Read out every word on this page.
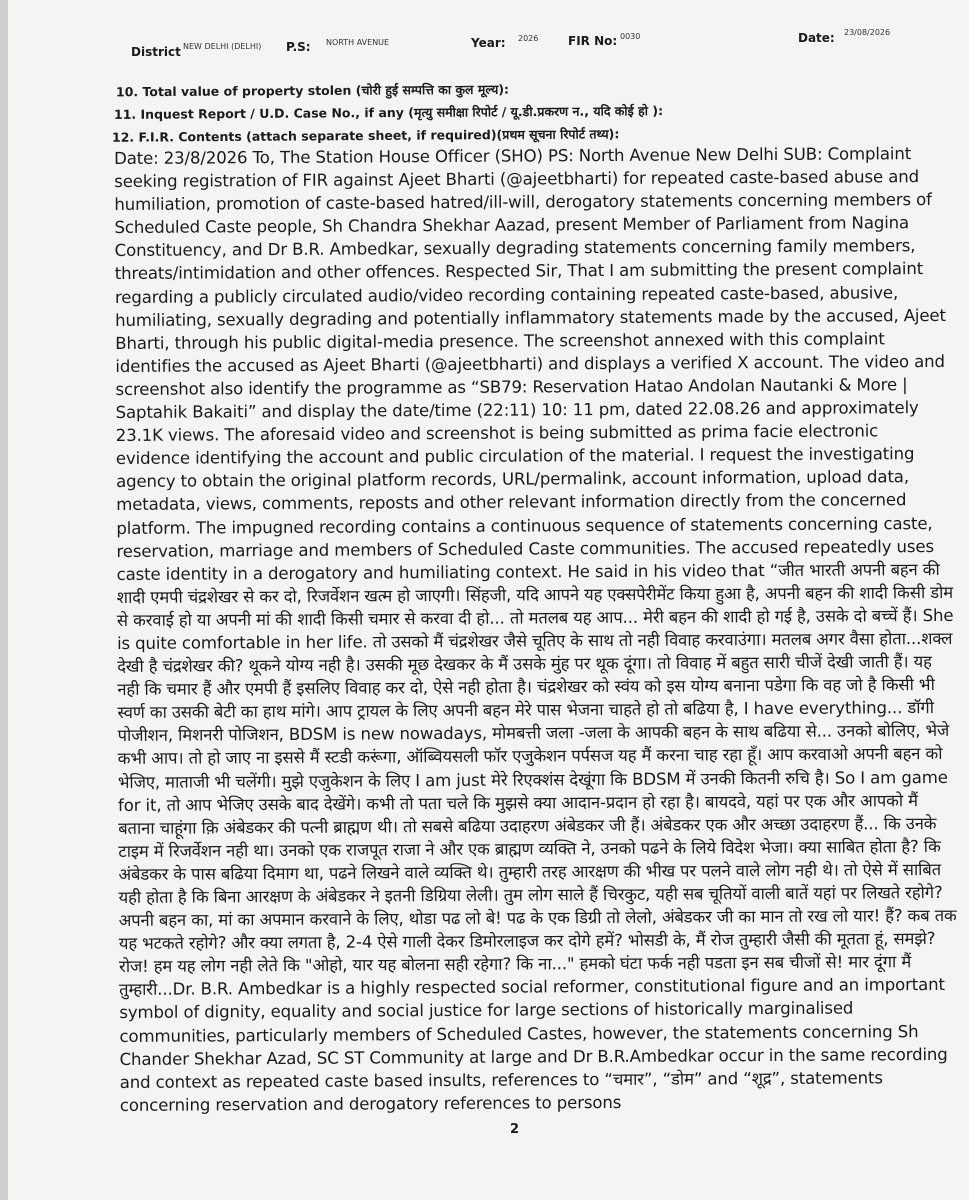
District NEW DELHI (DELHI) P.S: NORTH AVENUE	Year: 2026 FIR No: 0030	Date: 23/08/2026
10. Total value of property stolen (चोरी हुई सम्पत्ति का कुल मूल्य):
11. Inquest Report / U.D. Case No., if any (मृत्यु समीक्षा रिपोर्ट / यू.डी.प्रकरण न., यदि कोई हो ):
12. F.I.R. Contents (attach separate sheet, if required)(प्रथम सूचना रिपोर्ट तथ्य):

Date: 23/8/2026 To, The Station House Officer (SHO) PS: North Avenue New Delhi SUB: Complaint seeking registration of FIR against Ajeet Bharti (@ajeetbharti) for repeated caste-based abuse and humiliation, promotion of caste-based hatred/ill-will, derogatory statements concerning members of Scheduled Caste people, Sh Chandra Shekhar Aazad, present Member of Parliament from Nagina Constituency, and Dr B.R. Ambedkar, sexually degrading statements concerning family members, threats/intimidation and other offences. Respected Sir, That I am submitting the present complaint regarding a publicly circulated audio/video recording containing repeated caste-based, abusive, humiliating, sexually degrading and potentially inflammatory statements made by the accused, Ajeet Bharti, through his public digital-media presence. The screenshot annexed with this complaint identifies the accused as Ajeet Bharti (@ajeetbharti) and displays a verified X account. The video and screenshot also identify the programme as “SB79: Reservation Hatao Andolan Nautanki & More | Saptahik Bakaiti” and display the date/time (22:11) 10: 11 pm, dated 22.08.26 and approximately 23.1K views. The aforesaid video and screenshot is being submitted as prima facie electronic evidence identifying the account and public circulation of the material. I request the investigating agency to obtain the original platform records, URL/permalink, account information, upload data, metadata, views, comments, reposts and other relevant information directly from the concerned platform. The impugned recording contains a continuous sequence of statements concerning caste, reservation, marriage and members of Scheduled Caste communities. The accused repeatedly uses caste identity in a derogatory and humiliating context. He said in his video that “जीत भारती अपनी बहन की शादी एमपी चंद्रशेखर से कर दो, रिजर्वेशन खत्म हो जाएगी। सिंहजी, यदि आपने यह एक्सपेरीमेंट किया हुआ है, अपनी बहन की शादी किसी डोम से करवाई हो या अपनी मां की शादी किसी चमार से करवा दी हो... तो मतलब यह आप... मेरी बहन की शादी हो गई है, उसके दो बच्चें हैं। She is quite comfortable in her life. तो उसको मैं चंद्रशेखर जैसे चूतिए के साथ तो नही विवाह करवाउंगा। मतलब अगर वैसा होता...शक्ल देखी है चंद्रशेखर की? थूकने योग्य नही है। उसकी मूछ देखकर के मैं उसके मुंह पर थूक दूंगा। तो विवाह में बहुत सारी चीजें देखी जाती हैं। यह नही कि चमार हैं और एमपी हैं इसलिए विवाह कर दो, ऐसे नही होता है। चंद्रशेखर को स्वंय को इस योग्य बनाना पडेगा कि वह जो है किसी भी स्वर्ण का उसकी बेटी का हाथ मांगे। आप ट्रायल के लिए अपनी बहन मेरे पास भेजना चाहते हो तो बढिया है, I have everything... डॉगी पोजीशन, मिशनरी पोजिशन, BDSM is new nowadays, मोमबत्ती जला -जला के आपकी बहन के साथ बढिया से... उनको बोलिए, भेजे कभी आप। तो हो जाए ना इससे मैं स्टडी करूंगा, ऑब्वियसली फॉर एजुकेशन पर्पसज यह मैं करना चाह रहा हूँ। आप करवाओ अपनी बहन को भेजिए, माताजी भी चलेंगी। मुझे एजुकेशन के लिए I am just मेरे रिएक्शंस देखूंगा कि BDSM में उनकी कितनी रुचि है। So I am game for it, तो आप भेजिए उसके बाद देखेंगे। कभी तो पता चले कि मुझसे क्या आदान-प्रदान हो रहा है। बायदवे, यहां पर एक और आपको मैं बताना चाहूंगा क़ि अंबेडकर की पत्नी ब्राह्मण थी। तो सबसे बढिया उदाहरण अंबेडकर जी हैं। अंबेडकर एक और अच्छा उदाहरण हैं... कि उनके टाइम में रिजर्वेशन नही था। उनको एक राजपूत राजा ने और एक ब्राह्मण व्यक्ति ने, उनको पढने के लिये विदेश भेजा। क्या साबित होता है? कि अंबेडकर के पास बढिया दिमाग था, पढने लिखने वाले व्यक्ति थे। तुम्हारी तरह आरक्षण की भीख पर पलने वाले लोग नही थे। तो ऐसे में साबित यही होता है कि बिना आरक्षण के अंबेडकर ने इतनी डिग्रिया लेली। तुम लोग साले हैं चिरकुट, यही सब चूतियों वाली बातें यहां पर लिखते रहोगे? अपनी बहन का, मां का अपमान करवाने के लिए, थोडा पढ लो बे! पढ के एक डिग्री तो लेलो, अंबेडकर जी का मान तो रख लो यार! हैं? कब तक यह भटकते रहोगे? और क्या लगता है, 2-4 ऐसे गाली देकर डिमोरलाइज कर दोगे हमें? भोसडी के, मैं रोज तुम्हारी जैसी की मूतता हूं, समझे? रोज! हम यह लोग नही लेते कि "ओहो, यार यह बोलना सही रहेगा? कि ना..." हमको घंटा फर्क नही पडता इन सब चीजों से! मार दूंगा मैं तुम्हारी...Dr. B.R. Ambedkar is a highly respected social reformer, constitutional figure and an important symbol of dignity, equality and social justice for large sections of historically marginalised communities, particularly members of Scheduled Castes, however, the statements concerning Sh Chander Shekhar Azad, SC ST Community at large and Dr B.R.Ambedkar occur in the same recording and context as repeated caste based insults, references to “चमार”, “डोम” and “शूद्र”, statements concerning reservation and derogatory references to persons

2
